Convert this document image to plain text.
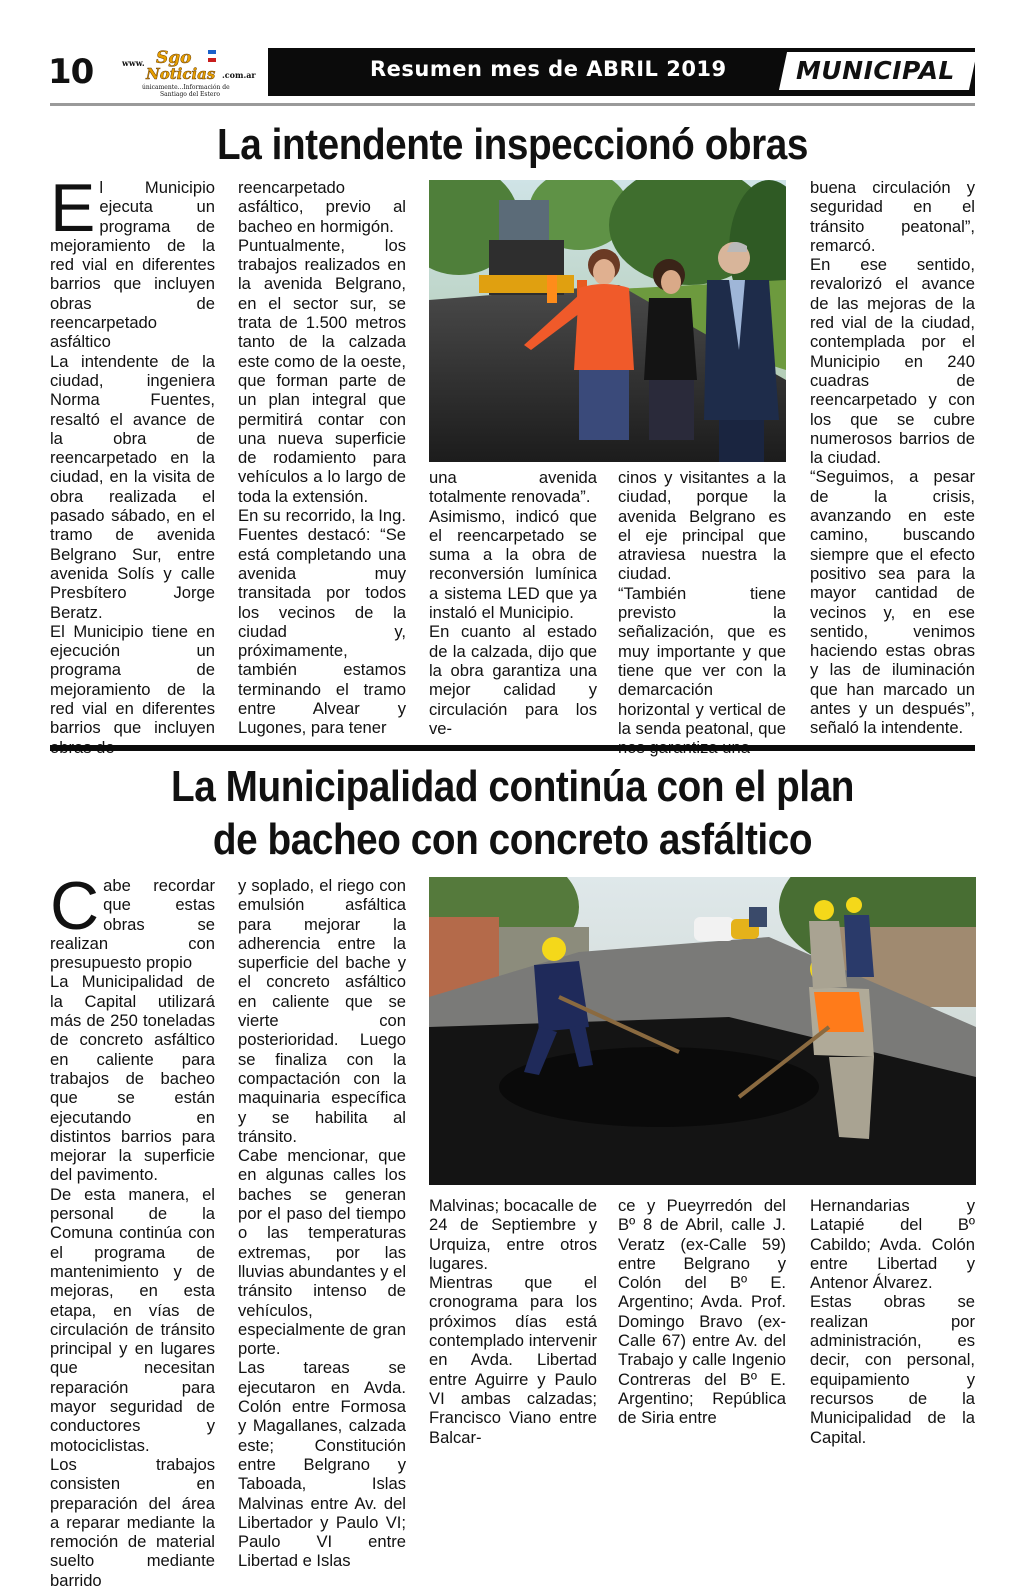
10	www. Sgo
Noticias .com.ar
únicamente...Información de
Santiago del Estero
Resumen mes de ABRIL 2019	MUNICIPAL
La intendente inspeccionó obras
E l Municipio ejecuta un programa de mejoramiento de la red vial en diferentes barrios que incluyen obras de reencarpetado asfáltico

La intendente de la ciudad, ingeniera Norma Fuentes, resaltó el avance de la obra de reencarpetado en la ciudad, en la visita de obra realizada el pasado sábado, en el tramo de avenida Belgrano Sur, entre avenida Solís y calle Presbítero Jorge Beratz.

El Municipio tiene en ejecución un programa de mejoramiento de la red vial en diferentes barrios que incluyen

reencarpetado asfáltico, previo al bacheo en hormigón.

Puntualmente, los trabajos realizados en la avenida Belgrano, en el sector sur, se trata de 1.500 metros tanto de la calzada este como de la oeste, que forman parte de un plan integral que permitirá contar con una nueva superficie de rodamiento para vehículos a lo largo de toda la extensión.

En su recorrido, la Ing. Fuentes destacó: “Se está completando una avenida muy transitada por todos los vecinos de la ciudad y, próximamente, también estamos terminando el tramo entre Alvear y Lugones, para tener

una avenida totalmente renovada”.

Asimismo, indicó que el reencarpetado se suma a la obra de reconversión lumínica a sistema LED que ya instaló el Municipio.

En cuanto al estado de la calzada, dijo que la obra garantiza una mejor calidad y circulación para los ve-

cinos y visitantes a la ciudad, porque la avenida Belgrano es el eje principal que atraviesa nuestra la ciudad.

“También tiene previsto la señalización, que es muy importante y que tiene que ver con la demarcación horizontal y vertical de la senda peatonal, que

buena circulación y seguridad en el tránsito peatonal”, remarcó.

En ese sentido, revalorizó el avance de las mejoras de la red vial de la ciudad, contemplada por el Municipio en 240 cuadras de reencarpetado y con los que se cubre numerosos barrios de la ciudad.

“Seguimos, a pesar de la crisis, avanzando en este camino, buscando siempre que el efecto positivo sea para la mayor cantidad de vecinos y, en ese sentido, venimos haciendo estas obras y las de iluminación que han marcado un antes y un después”, señaló la intendente.

La Municipalidad continúa con el plan
de bacheo con concreto asfáltico
C abe recordar que estas obras se realizan con presupuesto propio

La Municipalidad de la Capital utilizará más de 250 toneladas de concreto asfáltico en caliente para trabajos de bacheo que se están ejecutando en distintos barrios para mejorar la superficie del pavimento.

De esta manera, el personal de la Comuna continúa con el programa de mantenimiento y de mejoras, en esta etapa, en vías de circulación de tránsito principal y en lugares que necesitan reparación para mayor seguridad de conductores y motociclistas.

Los trabajos consisten en preparación del área a reparar mediante la remoción de material suelto mediante barrido

y soplado, el riego con emulsión asfáltica para mejorar la adherencia entre la superficie del bache y el concreto asfáltico en caliente que se vierte con posterioridad. Luego se finaliza con la compactación con la maquinaria específica y se habilita al tránsito.

Cabe mencionar, que en algunas calles los baches se generan por el paso del tiempo o las temperaturas extremas, por las lluvias abundantes y el tránsito intenso de vehículos, especialmente de gran porte.

Las tareas se ejecutaron en Avda. Colón entre Formosa y Magallanes, calzada este; Constitución entre Belgrano y Taboada, Islas Malvinas entre Av. del Libertador y Paulo VI; Paulo VI entre Libertad e Islas

Malvinas; bocacalle de 24 de Septiembre y Urquiza, entre otros lugares.

Mientras que el cronograma para los próximos días está contemplado intervenir en Avda. Libertad entre Aguirre y Paulo VI ambas calzadas; Francisco Viano entre Balcar-

ce y Pueyrredón del Bº 8 de Abril, calle J. Veratz (ex-Calle 59) entre Belgrano y Colón del Bº E. Argentino; Avda. Prof. Domingo Bravo (ex-Calle 67) entre Av. del Trabajo y calle Ingenio Contreras del Bº E. Argentino; República de Siria entre

Hernandarias y Latapié del Bº Cabildo; Avda. Colón entre Libertad y Antenor Álvarez.

Estas obras se realizan por administración, es decir, con personal, equipamiento y recursos de la Municipalidad de la Capital.
